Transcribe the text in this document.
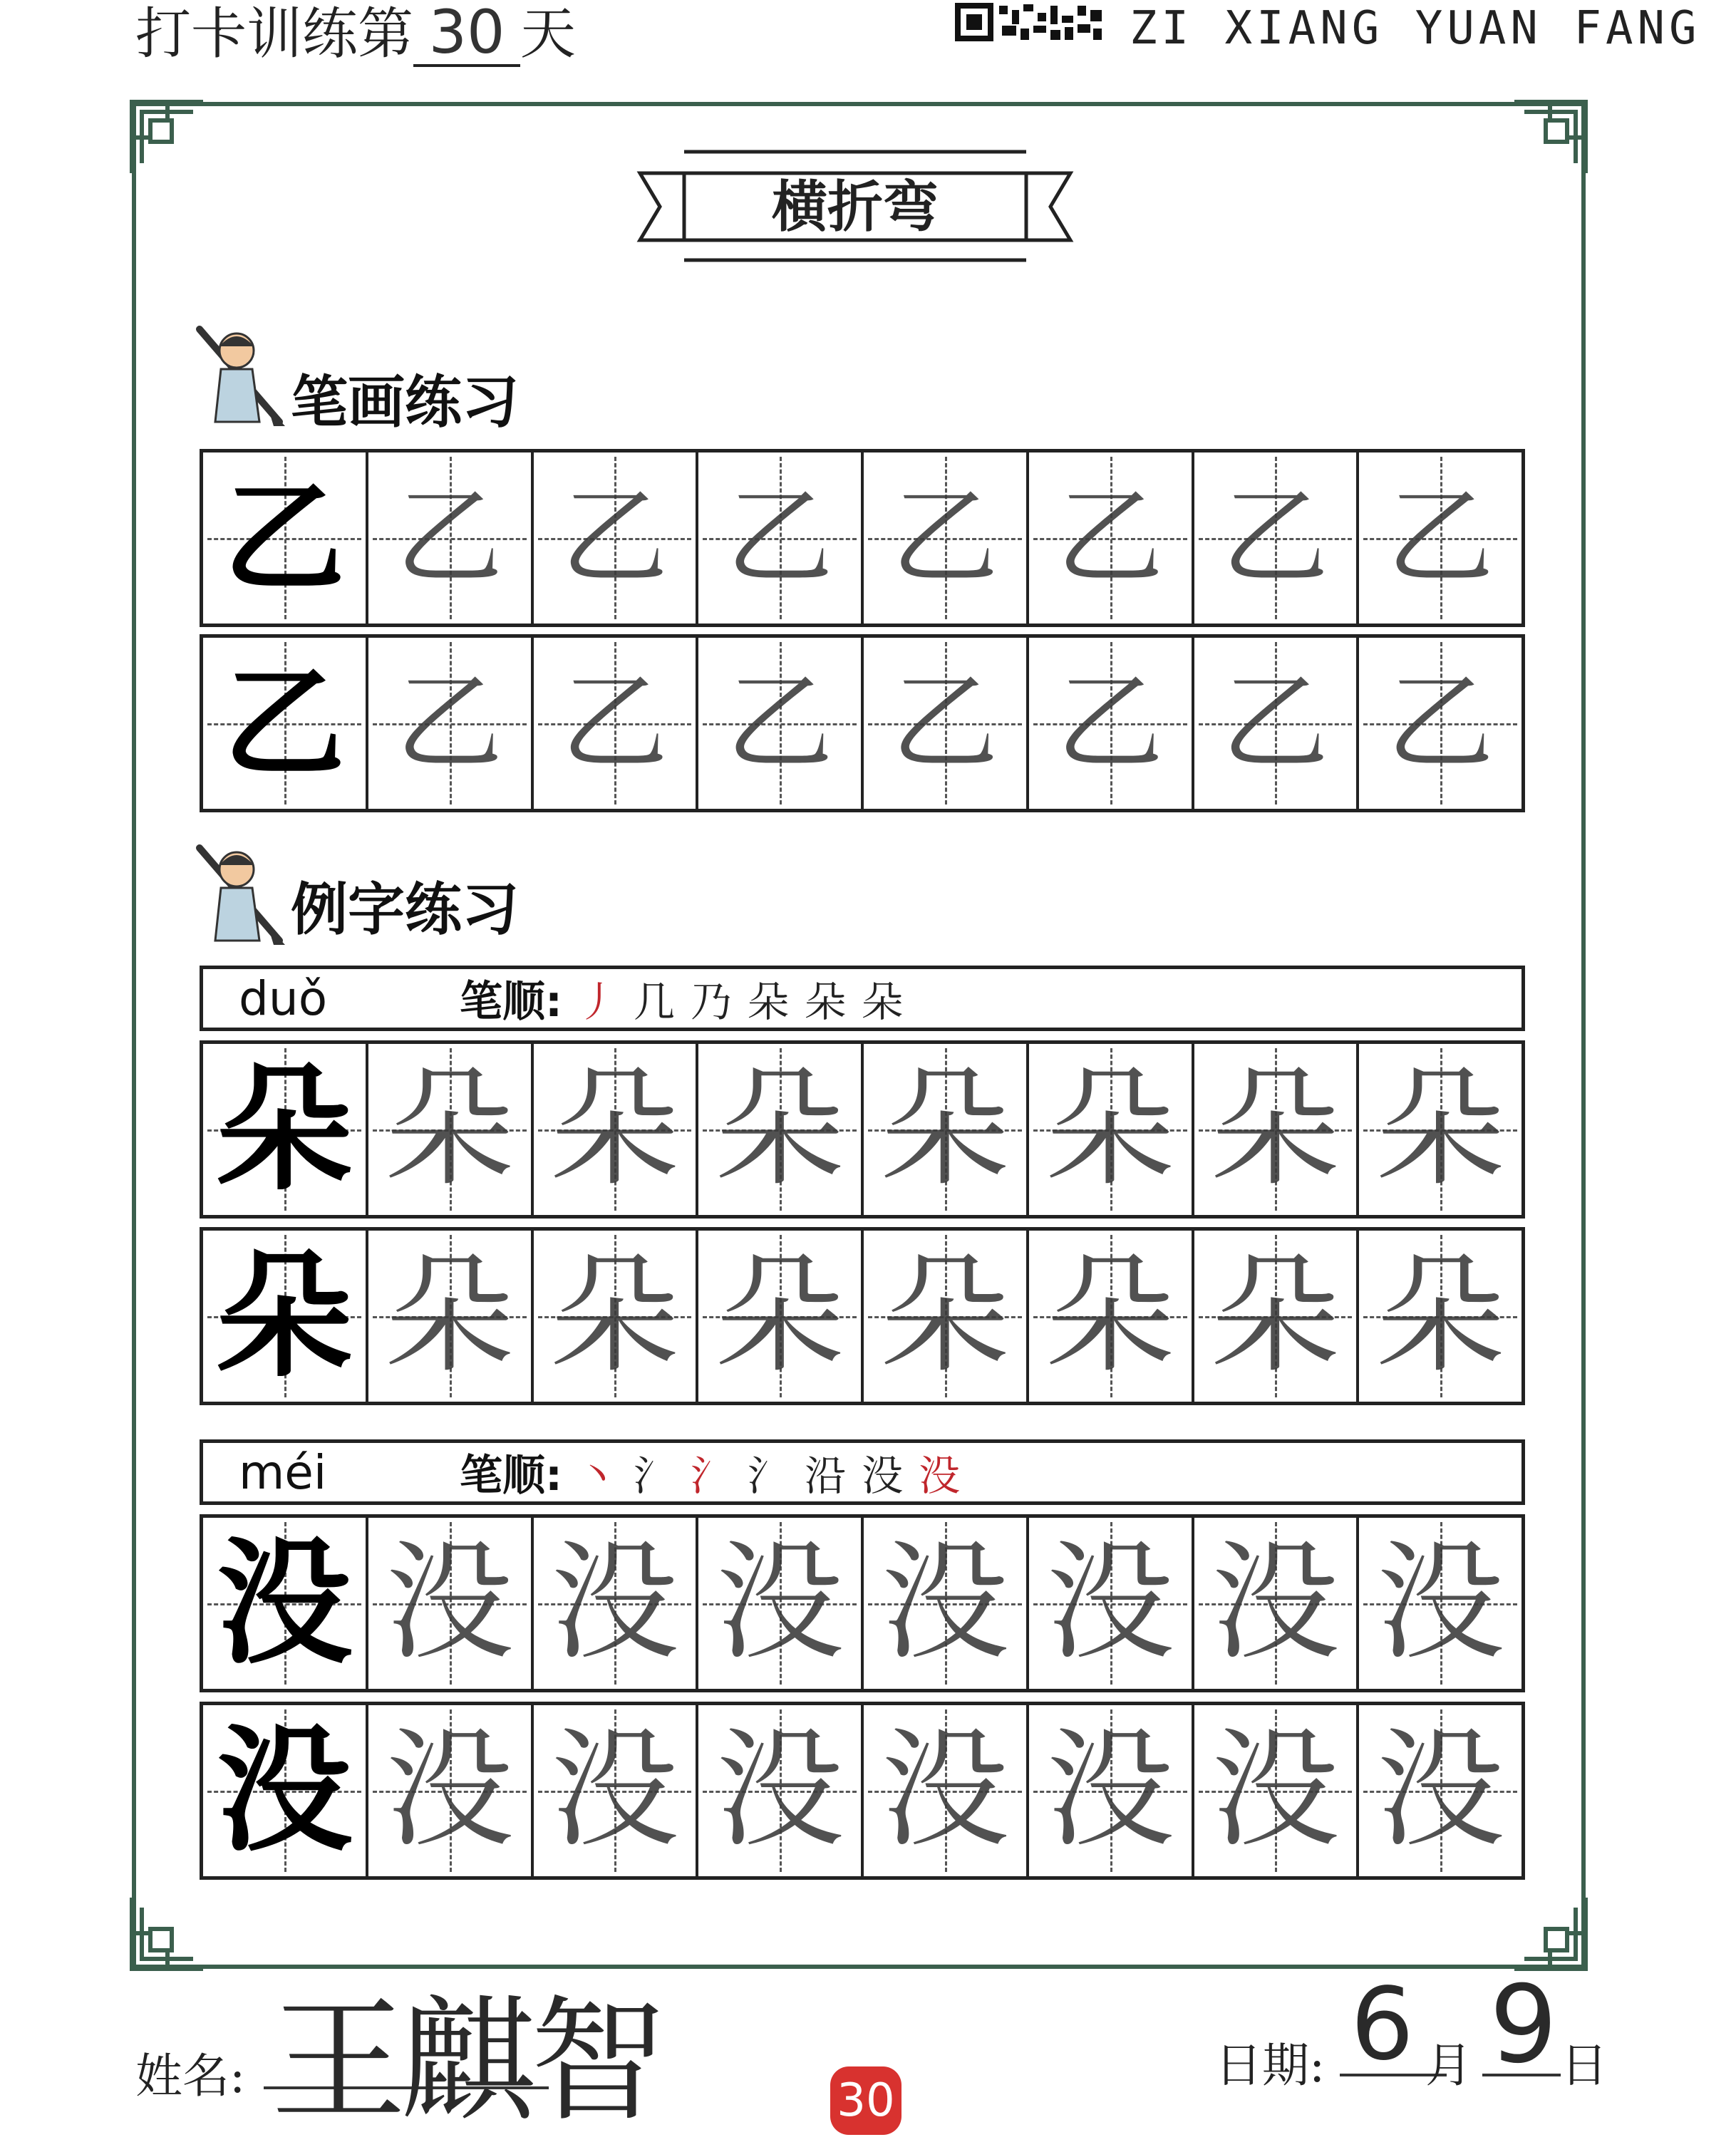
打卡训练第 30 天	ZI XIANG YUAN FANG
横折弯
笔画练习
乙 乙 乙 乙 乙 乙 乙 乙
乙 乙 乙 乙 乙 乙 乙 乙
例字练习
duǒ	笔顺: 丿 几 乃 朵 朵 朵
朵 朵 朵 朵 朵 朵 朵 朵
朵 朵 朵 朵 朵 朵 朵 朵
méi	笔顺: 丶 氵 氵 氵 沿 没 没
没 没 没 没 没 没 没 没
没 没 没 没 没 没 没 没
姓名: 王麒智	30
日期: 6 月 9 日
